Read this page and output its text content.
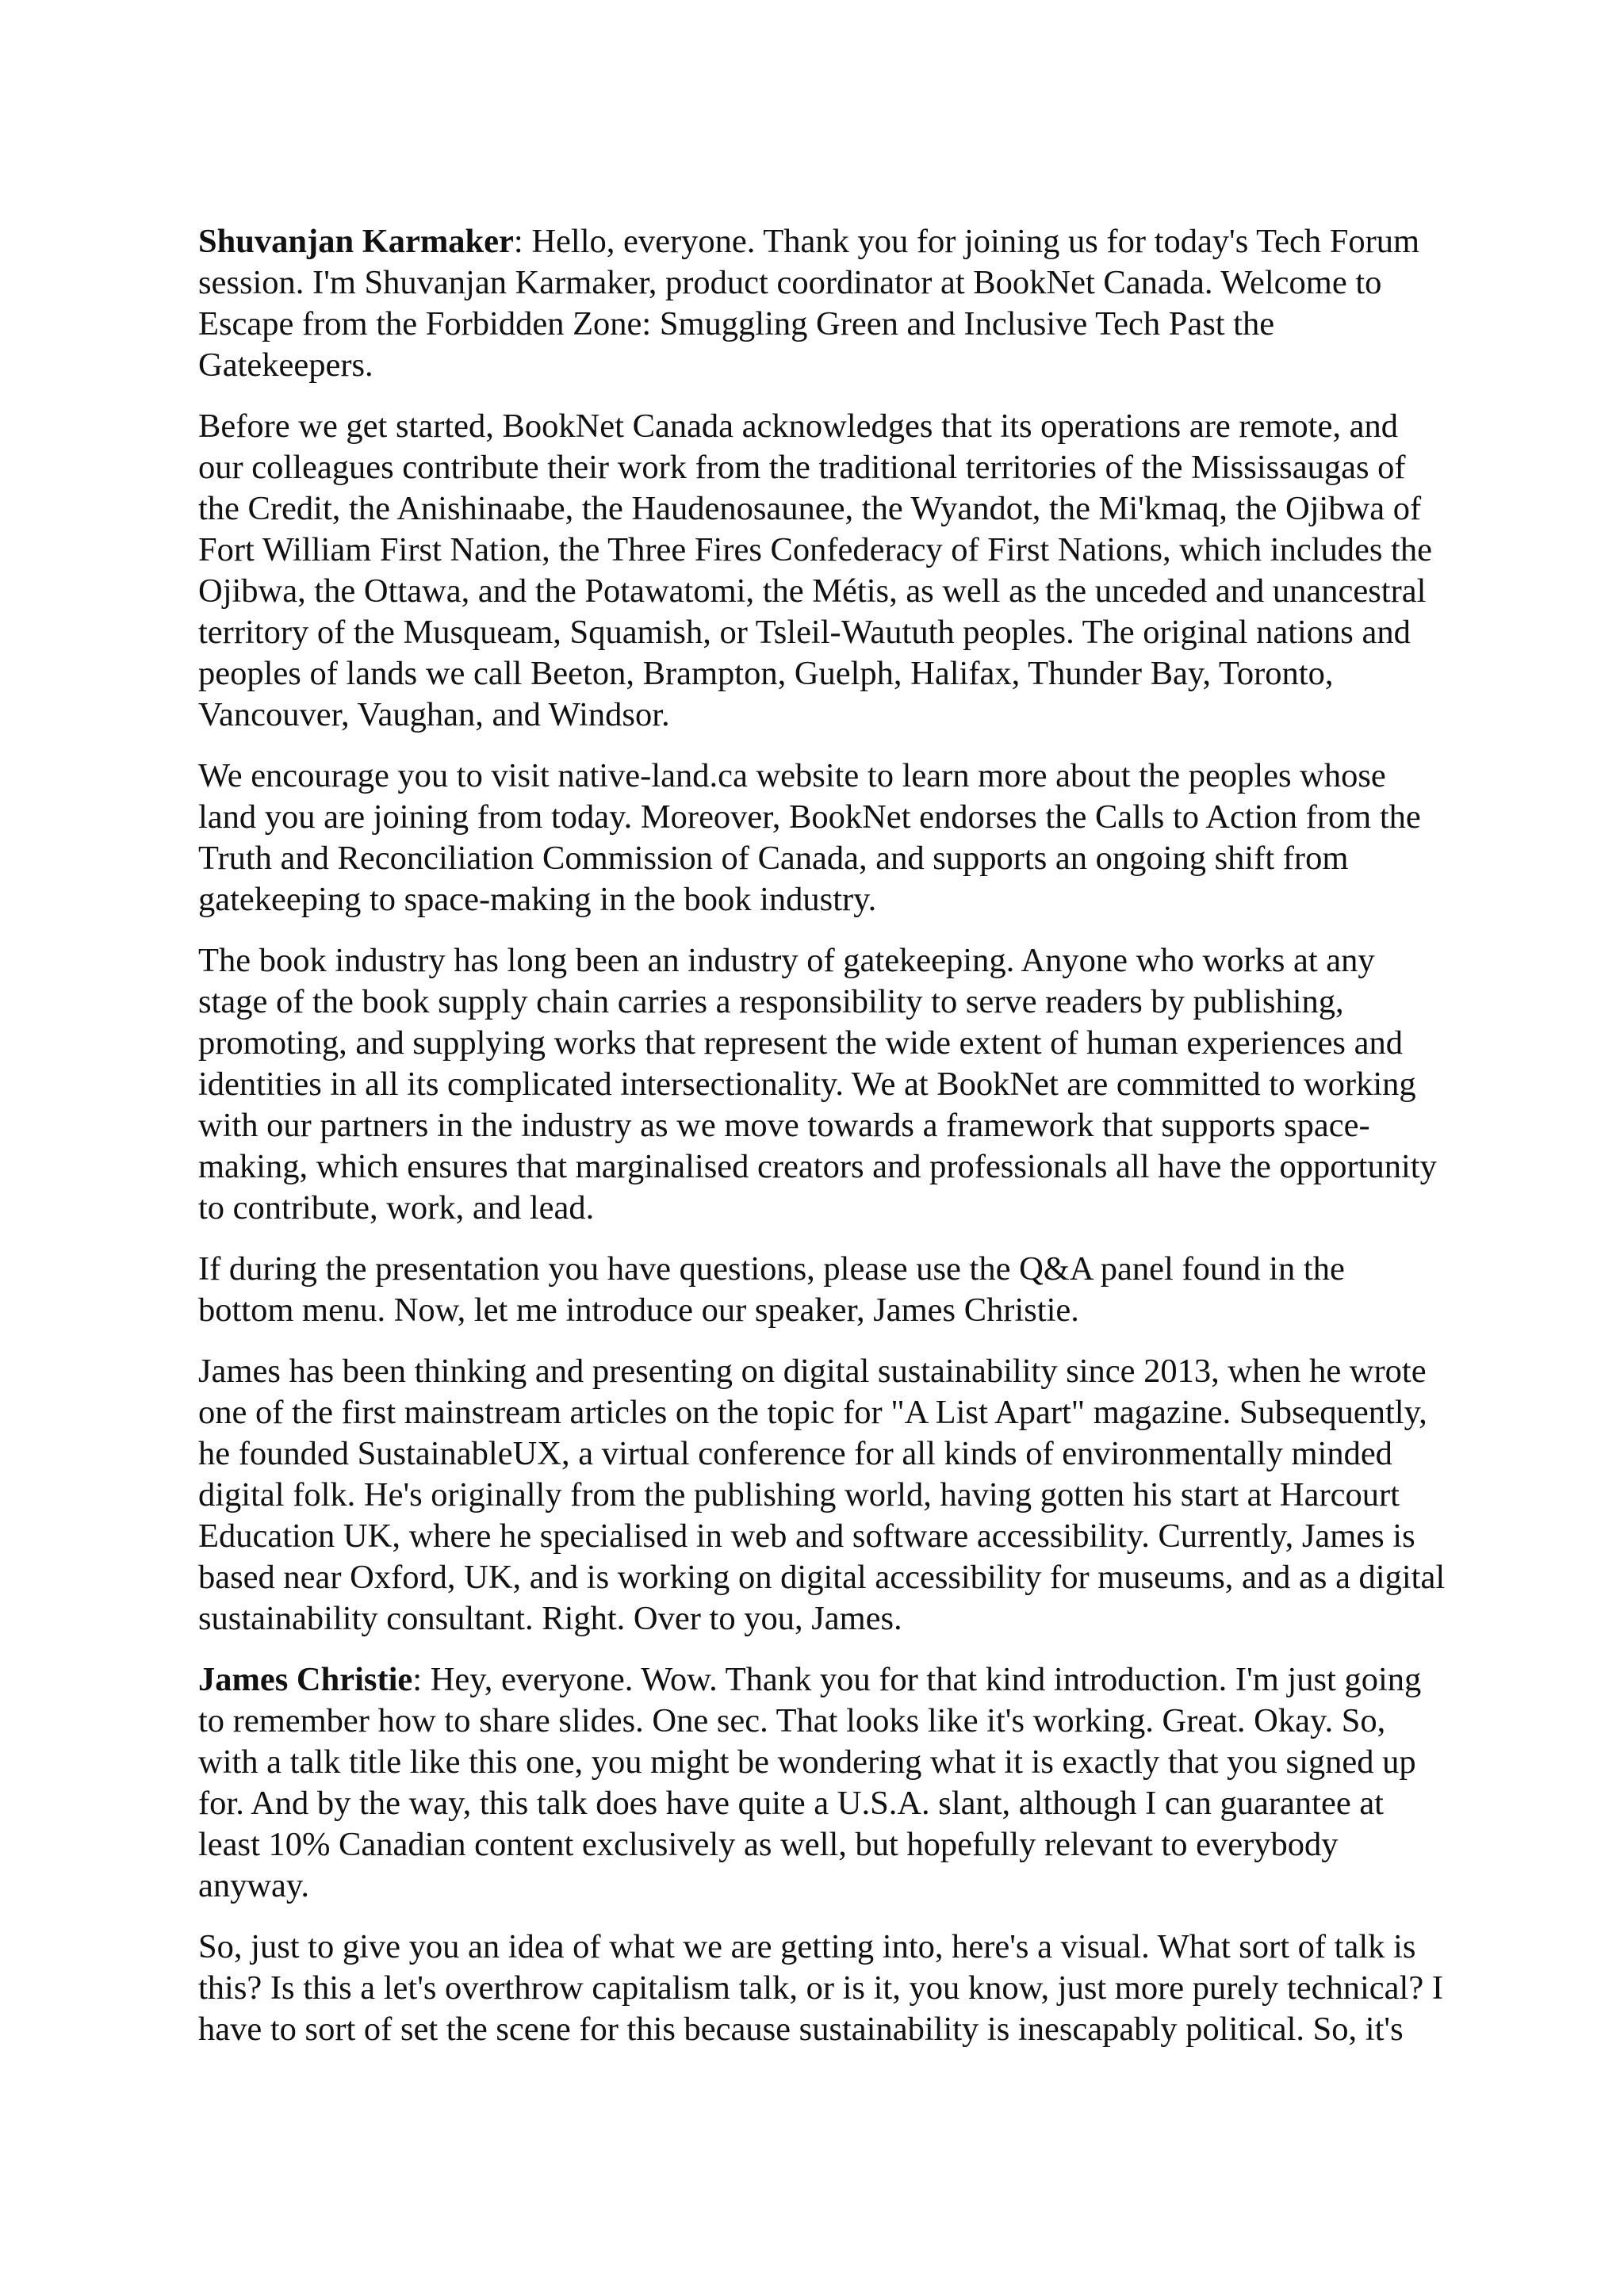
Shuvanjan Karmaker: Hello, everyone. Thank you for joining us for today's Tech Forum session. I'm Shuvanjan Karmaker, product coordinator at BookNet Canada. Welcome to Escape from the Forbidden Zone: Smuggling Green and Inclusive Tech Past the Gatekeepers.

Before we get started, BookNet Canada acknowledges that its operations are remote, and our colleagues contribute their work from the traditional territories of the Mississaugas of the Credit, the Anishinaabe, the Haudenosaunee, the Wyandot, the Mi'kmaq, the Ojibwa of Fort William First Nation, the Three Fires Confederacy of First Nations, which includes the Ojibwa, the Ottawa, and the Potawatomi, the Métis, as well as the unceded and unancestral territory of the Musqueam, Squamish, or Tsleil-Waututh peoples. The original nations and peoples of lands we call Beeton, Brampton, Guelph, Halifax, Thunder Bay, Toronto, Vancouver, Vaughan, and Windsor.

We encourage you to visit native-land.ca website to learn more about the peoples whose land you are joining from today. Moreover, BookNet endorses the Calls to Action from the Truth and Reconciliation Commission of Canada, and supports an ongoing shift from gatekeeping to space-making in the book industry.

The book industry has long been an industry of gatekeeping. Anyone who works at any stage of the book supply chain carries a responsibility to serve readers by publishing, promoting, and supplying works that represent the wide extent of human experiences and identities in all its complicated intersectionality. We at BookNet are committed to working with our partners in the industry as we move towards a framework that supports space-making, which ensures that marginalised creators and professionals all have the opportunity to contribute, work, and lead.

If during the presentation you have questions, please use the Q&A panel found in the bottom menu. Now, let me introduce our speaker, James Christie.

James has been thinking and presenting on digital sustainability since 2013, when he wrote one of the first mainstream articles on the topic for "A List Apart" magazine. Subsequently, he founded SustainableUX, a virtual conference for all kinds of environmentally minded digital folk. He's originally from the publishing world, having gotten his start at Harcourt Education UK, where he specialised in web and software accessibility. Currently, James is based near Oxford, UK, and is working on digital accessibility for museums, and as a digital sustainability consultant. Right. Over to you, James.

James Christie: Hey, everyone. Wow. Thank you for that kind introduction. I'm just going to remember how to share slides. One sec. That looks like it's working. Great. Okay. So, with a talk title like this one, you might be wondering what it is exactly that you signed up for. And by the way, this talk does have quite a U.S.A. slant, although I can guarantee at least 10% Canadian content exclusively as well, but hopefully relevant to everybody anyway.

So, just to give you an idea of what we are getting into, here's a visual. What sort of talk is this? Is this a let's overthrow capitalism talk, or is it, you know, just more purely technical? I have to sort of set the scene for this because sustainability is inescapably political. So, it's
